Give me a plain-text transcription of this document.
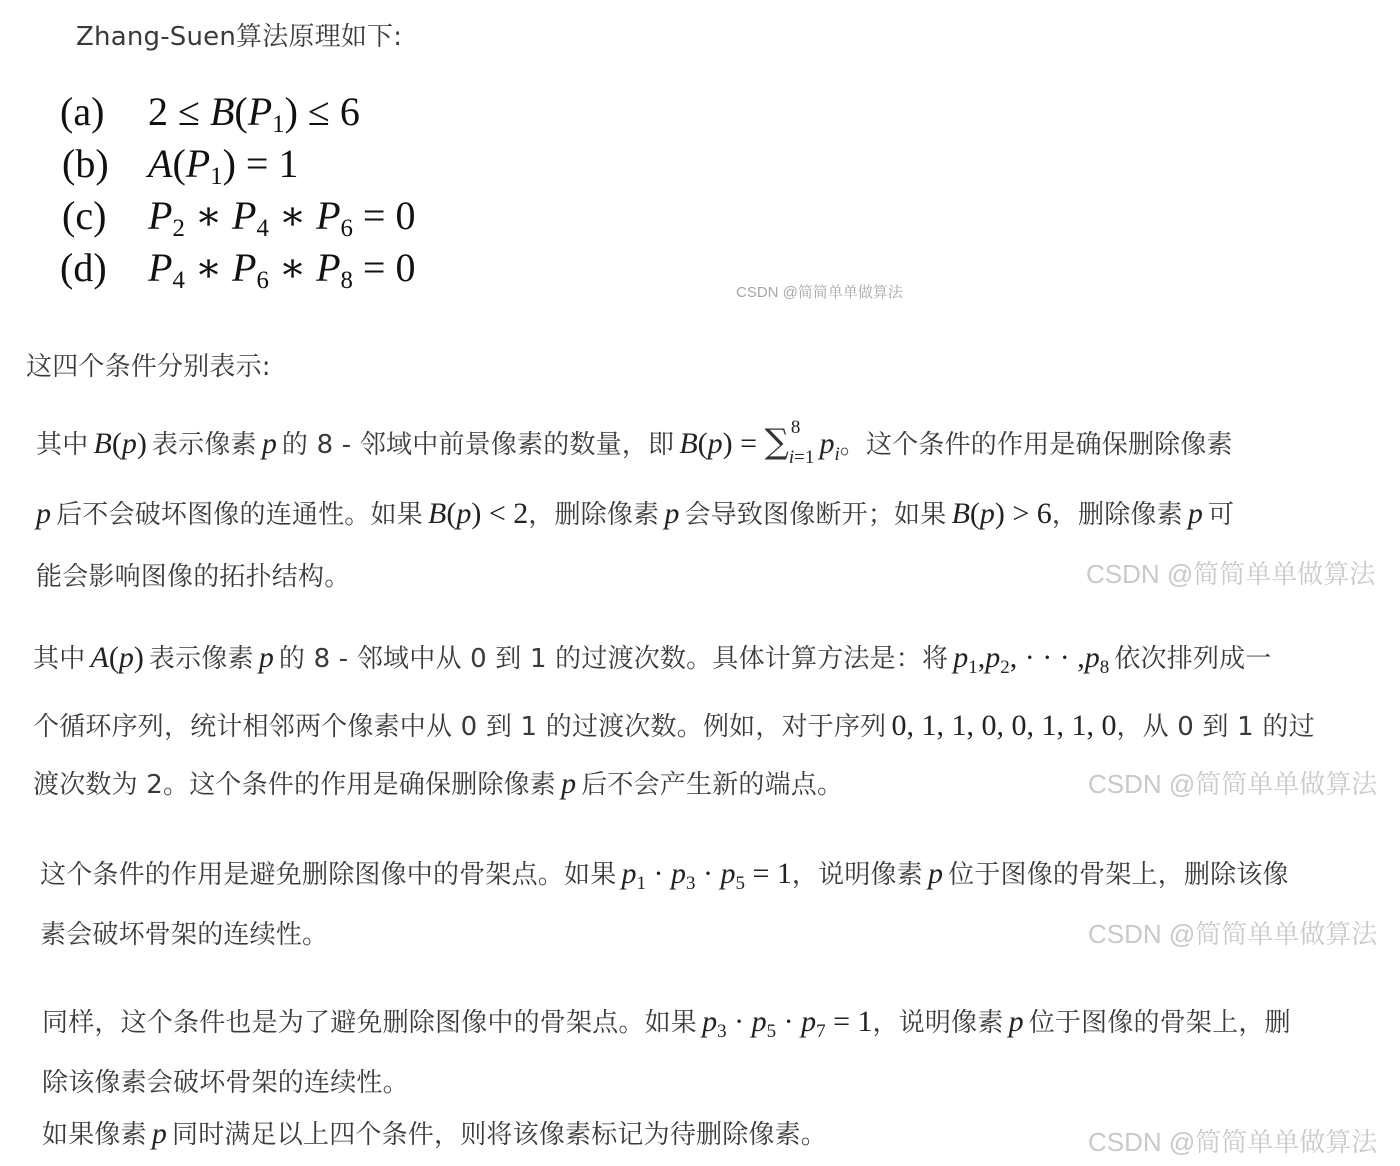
Zhang-Suen算法原理如下:
(a) 2 ≤ B(P1) ≤ 6
(b) A(P1) = 1
(c) P2 ∗ P4 ∗ P6 = 0
(d) P4 ∗ P6 ∗ P8 = 0
CSDN @简简单单做算法
这四个条件分别表示:
其中 B(p) 表示像素 p 的 8 - 邻域中前景像素的数量，即 B(p) = ∑ 8
i=1 pi。这个条件的作用是确保删除像素
p 后不会破坏图像的连通性。如果 B(p) < 2，删除像素 p 会导致图像断开；如果 B(p) > 6，删除像素 p 可
能会影响图像的拓扑结构。	CSDN @简简单单做算法
其中 A(p) 表示像素 p 的 8 - 邻域中从 0 到 1 的过渡次数。具体计算方法是：将 p1,p2, · · · ,p8 依次排列成一
个循环序列，统计相邻两个像素中从 0 到 1 的过渡次数。例如，对于序列 0, 1, 1, 0, 0, 1, 1, 0，从 0 到 1 的过
渡次数为 2。这个条件的作用是确保删除像素 p 后不会产生新的端点。	CSDN @简简单单做算法
这个条件的作用是避免删除图像中的骨架点。如果 p1 · p3 · p5 = 1，说明像素 p 位于图像的骨架上，删除该像
素会破坏骨架的连续性。	CSDN @简简单单做算法
同样，这个条件也是为了避免删除图像中的骨架点。如果 p3 · p5 · p7 = 1，说明像素 p 位于图像的骨架上，删
除该像素会破坏骨架的连续性。
如果像素 p 同时满足以上四个条件，则将该像素标记为待删除像素。	CSDN @简简单单做算法
